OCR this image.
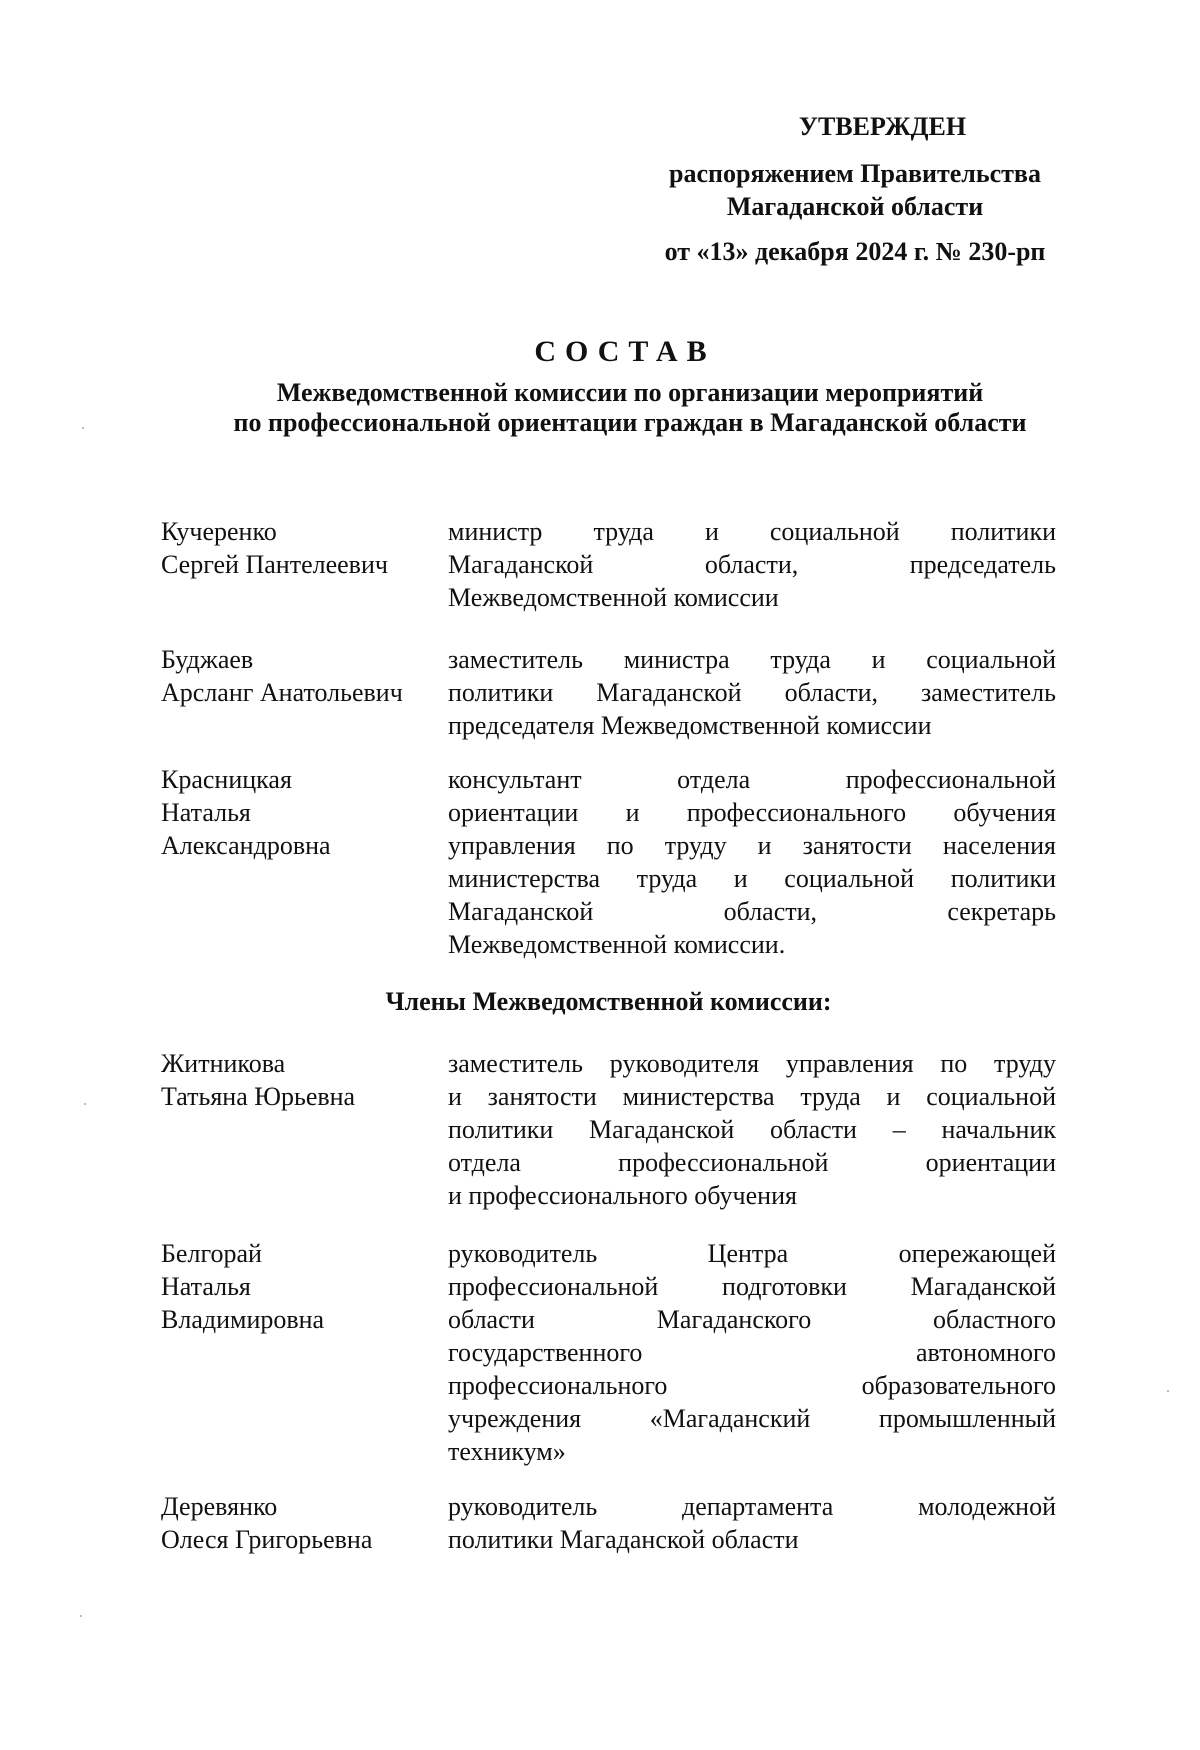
УТВЕРЖДЕН
распоряжением Правительства
Магаданской области
от «13» декабря 2024 г. № 230-рп
СОСТАВ
Межведомственной комиссии по организации мероприятий
по профессиональной ориентации граждан в Магаданской области
Кучеренко
Сергей Пантелеевич
министр труда и социальной политики
Магаданской области, председатель
Межведомственной комиссии
Буджаев
Арсланг Анатольевич
заместитель министра труда и социальной
политики Магаданской области, заместитель
председателя Межведомственной комиссии
Красницкая
Наталья
Александровна
консультант отдела профессиональной
ориентации и профессионального обучения
управления по труду и занятости населения
министерства труда и социальной политики
Магаданской области, секретарь
Межведомственной комиссии.
Члены Межведомственной комиссии:
Житникова
Татьяна Юрьевна
заместитель руководителя управления по труду
и занятости министерства труда и социальной
политики Магаданской области – начальник
отдела профессиональной ориентации
и профессионального обучения
Белгорай
Наталья
Владимировна
руководитель Центра опережающей
профессиональной подготовки Магаданской
области Магаданского областного
государственного автономного
профессионального образовательного
учреждения «Магаданский промышленный
техникум»
Деревянко
Олеся Григорьевна
руководитель департамента молодежной
политики Магаданской области
